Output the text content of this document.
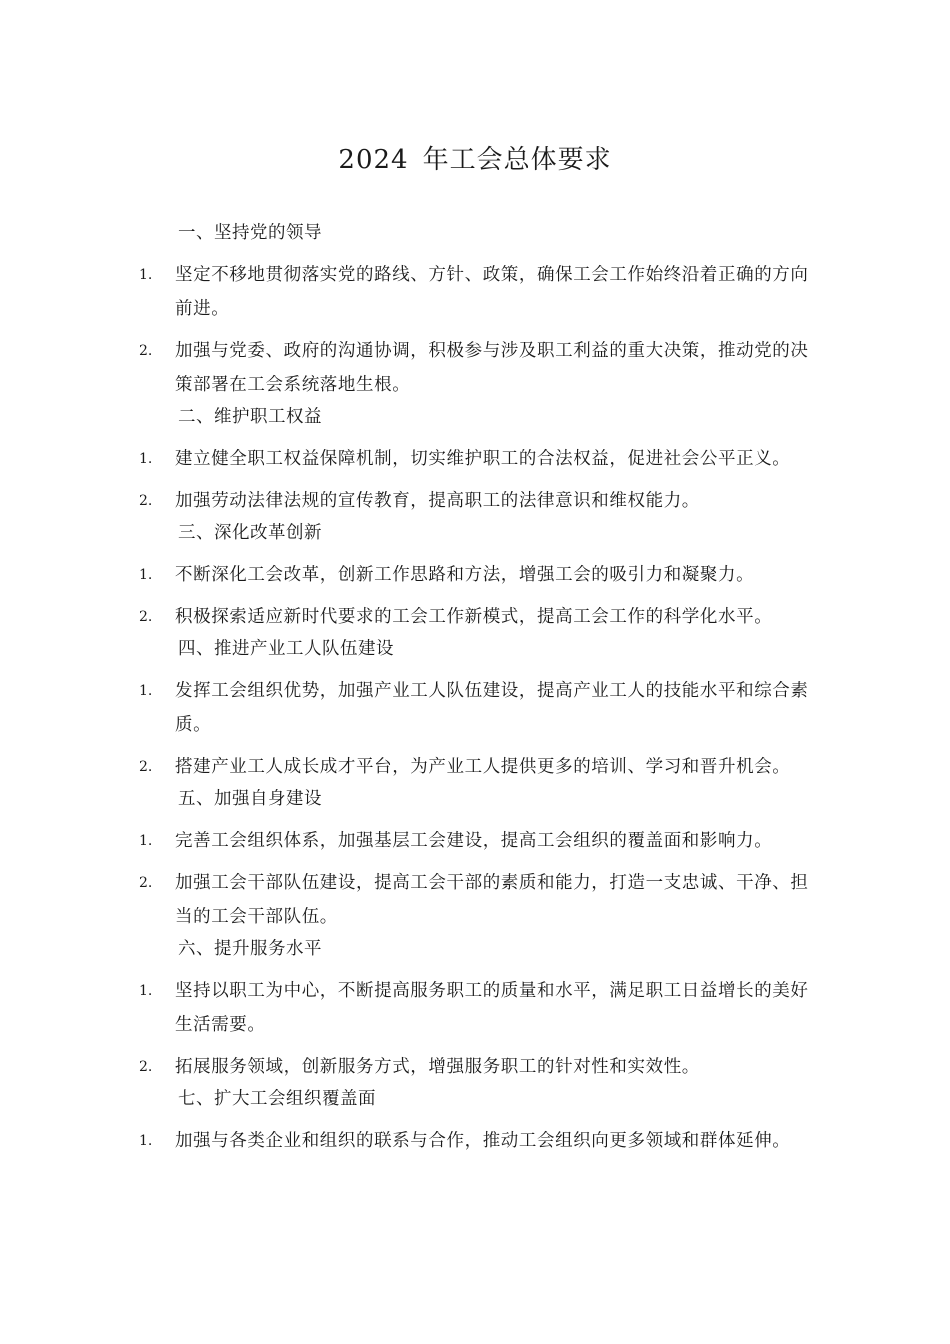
2024 年工会总体要求
一、坚持党的领导
1. 坚定不移地贯彻落实党的路线、方针、政策，确保工会工作始终沿着正确的方向前进。
2. 加强与党委、政府的沟通协调，积极参与涉及职工利益的重大决策，推动党的决策部署在工会系统落地生根。
二、维护职工权益
1. 建立健全职工权益保障机制，切实维护职工的合法权益，促进社会公平正义。
2. 加强劳动法律法规的宣传教育，提高职工的法律意识和维权能力。
三、深化改革创新
1. 不断深化工会改革，创新工作思路和方法，增强工会的吸引力和凝聚力。
2. 积极探索适应新时代要求的工会工作新模式，提高工会工作的科学化水平。
四、推进产业工人队伍建设
1. 发挥工会组织优势，加强产业工人队伍建设，提高产业工人的技能水平和综合素质。
2. 搭建产业工人成长成才平台，为产业工人提供更多的培训、学习和晋升机会。
五、加强自身建设
1. 完善工会组织体系，加强基层工会建设，提高工会组织的覆盖面和影响力。
2. 加强工会干部队伍建设，提高工会干部的素质和能力，打造一支忠诚、干净、担当的工会干部队伍。
六、提升服务水平
1. 坚持以职工为中心，不断提高服务职工的质量和水平，满足职工日益增长的美好生活需要。
2. 拓展服务领域，创新服务方式，增强服务职工的针对性和实效性。
七、扩大工会组织覆盖面
1. 加强与各类企业和组织的联系与合作，推动工会组织向更多领域和群体延伸。
